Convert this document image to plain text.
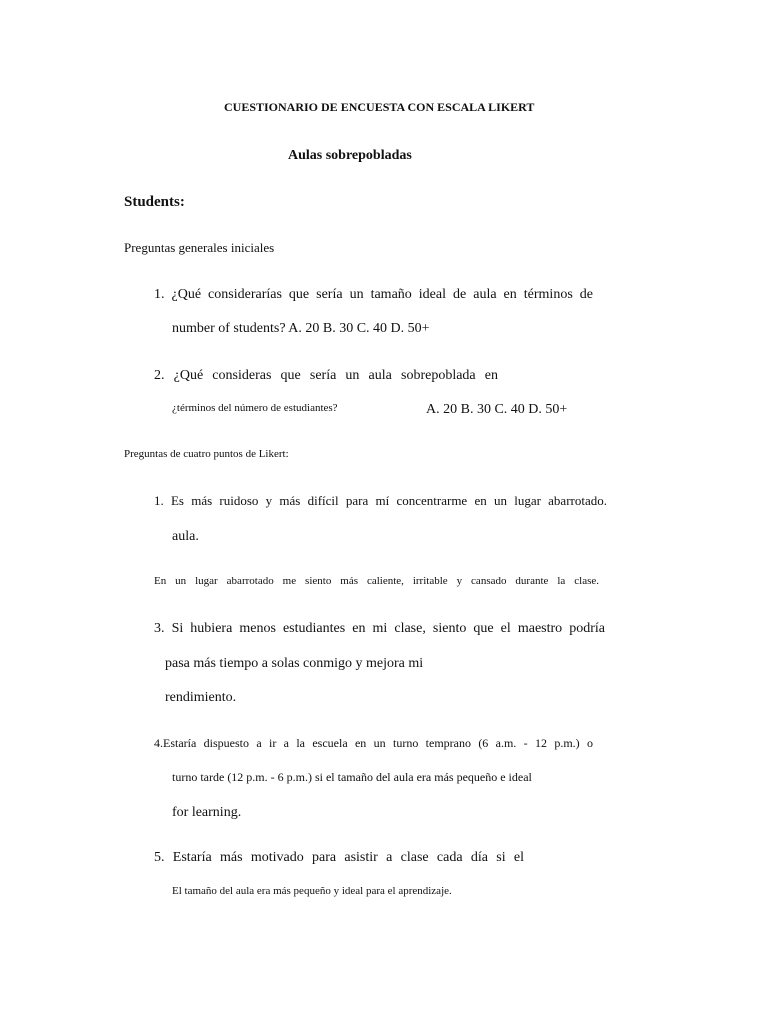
CUESTIONARIO DE ENCUESTA CON ESCALA LIKERT
Aulas sobrepobladas
Students:
Preguntas generales iniciales
1. ¿Qué considerarías que sería un tamaño ideal de aula en términos de
number of students? A. 20 B. 30 C. 40 D. 50+
2. ¿Qué consideras que sería un aula sobrepoblada en
¿términos del número de estudiantes?	A. 20 B. 30 C. 40 D. 50+
Preguntas de cuatro puntos de Likert:
1. Es más ruidoso y más difícil para mí concentrarme en un lugar abarrotado.
aula.
En un lugar abarrotado me siento más caliente, irritable y cansado durante la clase.
3. Si hubiera menos estudiantes en mi clase, siento que el maestro podría
pasa más tiempo a solas conmigo y mejora mi
rendimiento.
4.Estaría dispuesto a ir a la escuela en un turno temprano (6 a.m. - 12 p.m.) o
turno tarde (12 p.m. - 6 p.m.) si el tamaño del aula era más pequeño e ideal
for learning.
5. Estaría más motivado para asistir a clase cada día si el
El tamaño del aula era más pequeño y ideal para el aprendizaje.
